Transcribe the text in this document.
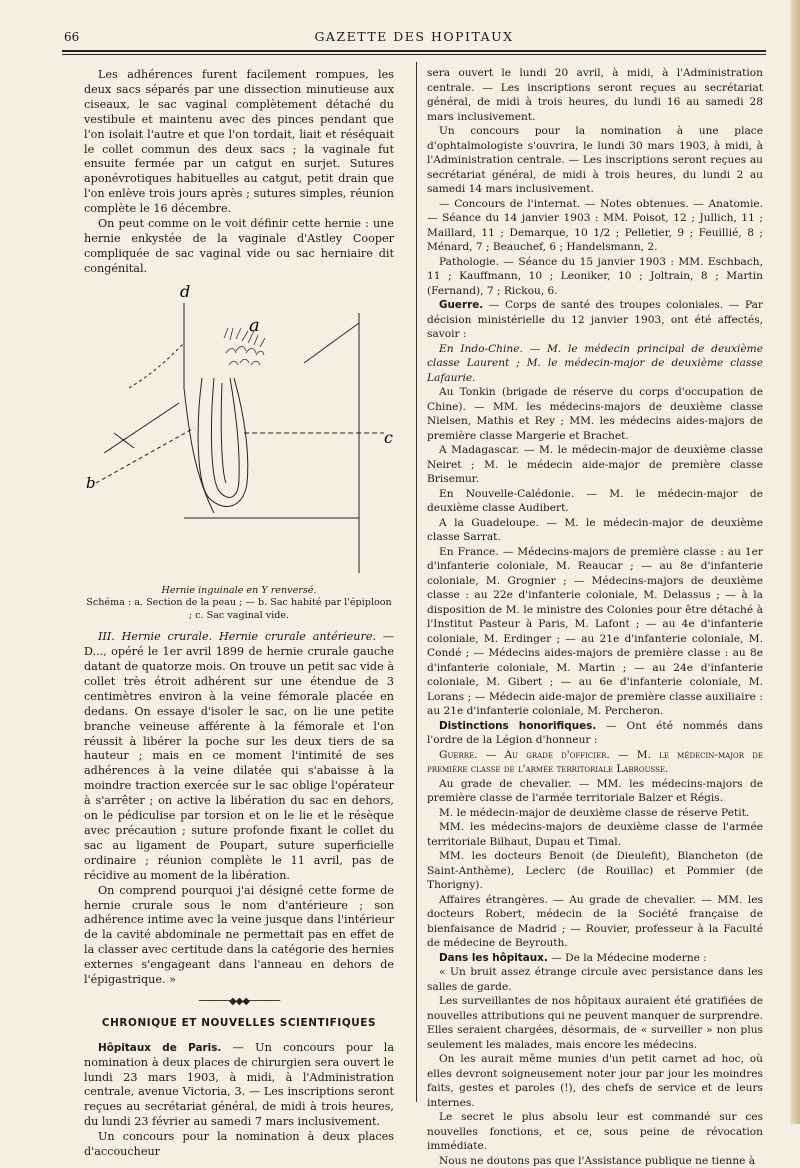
66	GAZETTE DES HOPITAUX

Les adhérences furent facilement rompues, les deux sacs séparés par une dissection minutieuse aux ciseaux, le sac vaginal complètement détaché du vestibule et maintenu avec des pinces pendant que l'on isolait l'autre et que l'on tordait, liait et réséquait le collet commun des deux sacs ; la vaginale fut ensuite fermée par un catgut en surjet. Sutures aponévrotiques habituelles au catgut, petit drain que l'on enlève trois jours après ; sutures simples, réunion complète le 16 décembre.

On peut comme on le voit définir cette hernie : une hernie enkystée de la vaginale d'Astley Cooper compliquée de sac vaginal vide ou sac herniaire dit congénital.

d
a
b
c
Hernie inguinale en Y renversé.
Schéma : a. Section de la peau ; — b. Sac habité par l'épiploon ; c. Sac vaginal vide.

III. Hernie crurale. Hernie crurale antérieure. — D..., opéré le 1er avril 1899 de hernie crurale gauche datant de quatorze mois. On trouve un petit sac vide à collet très étroit adhérent sur une étendue de 3 centimètres environ à la veine fémorale placée en dedans. On essaye d'isoler le sac, on lie une petite branche veineuse afférente à la fémorale et l'on réussit à libérer la poche sur les deux tiers de sa hauteur ; mais en ce moment l'intimité de ses adhérences à la veine dilatée qui s'abaisse à la moindre traction exercée sur le sac oblige l'opérateur à s'arrêter ; on active la libération du sac en dehors, on le pédiculise par torsion et on le lie et le résèque avec précaution ; suture profonde fixant le collet du sac au ligament de Poupart, suture superficielle ordinaire ; réunion complète le 11 avril, pas de récidive au moment de la libération.

On comprend pourquoi j'ai désigné cette forme de hernie crurale sous le nom d'antérieure ; son adhérence intime avec la veine jusque dans l'intérieur de la cavité abdominale ne permettait pas en effet de la classer avec certitude dans la catégorie des hernies externes s'engageant dans l'anneau en dehors de l'épigastrique. »

──────◆◆◆──────
CHRONIQUE ET NOUVELLES SCIENTIFIQUES

Hôpitaux de Paris. — Un concours pour la nomination à deux places de chirurgien sera ouvert le lundi 23 mars 1903, à midi, à l'Administration centrale, avenue Victoria, 3. — Les inscriptions seront reçues au secrétariat général, de midi à trois heures, du lundi 23 février au samedi 7 mars inclusivement.

Un concours pour la nomination à deux places d'accoucheur

sera ouvert le lundi 20 avril, à midi, à l'Administration centrale. — Les inscriptions seront reçues au secrétariat général, de midi à trois heures, du lundi 16 au samedi 28 mars inclusivement.

Un concours pour la nomination à une place d'ophtalmologiste s'ouvrira, le lundi 30 mars 1903, à midi, à l'Administration centrale. — Les inscriptions seront reçues au secrétariat général, de midi à trois heures, du lundi 2 au samedi 14 mars inclusivement.

— Concours de l'internat. — Notes obtenues. — Anatomie. — Séance du 14 janvier 1903 : MM. Poisot, 12 ; Jullich, 11 ; Maillard, 11 ; Demarque, 10 1/2 ; Pelletier, 9 ; Feuillié, 8 ; Ménard, 7 ; Beauchef, 6 ; Handelsmann, 2.

Pathologie. — Séance du 15 janvier 1903 : MM. Eschbach, 11 ; Kauffmann, 10 ; Leoniker, 10 ; Joltrain, 8 ; Martin (Fernand), 7 ; Rickou, 6.

Guerre. — Corps de santé des troupes coloniales. — Par décision ministérielle du 12 janvier 1903, ont été affectés, savoir :

En Indo-Chine. — M. le médecin principal de deuxième classe Laurent ; M. le médecin-major de deuxième classe Lafaurie.

Au Tonkin (brigade de réserve du corps d'occupation de Chine). — MM. les médecins-majors de deuxième classe Nielsen, Mathis et Rey ; MM. les médecins aides-majors de première classe Margerie et Brachet.

A Madagascar. — M. le médecin-major de deuxième classe Neiret ; M. le médecin aide-major de première classe Brisemur.

En Nouvelle-Calédonie. — M. le médecin-major de deuxième classe Audibert.

A la Guadeloupe. — M. le médecin-major de deuxième classe Sarrat.

En France. — Médecins-majors de première classe : au 1er d'infanterie coloniale, M. Reaucar ; — au 8e d'infanterie coloniale, M. Grognier ; — Médecins-majors de deuxième classe : au 22e d'infanterie coloniale, M. Delassus ; — à la disposition de M. le ministre des Colonies pour être détaché à l'Institut Pasteur à Paris, M. Lafont ; — au 4e d'infanterie coloniale, M. Erdinger ; — au 21e d'infanterie coloniale, M. Condé ; — Médecins aides-majors de première classe : au 8e d'infanterie coloniale, M. Martin ; — au 24e d'infanterie coloniale, M. Gibert ; — au 6e d'infanterie coloniale, M. Lorans ; — Médecin aide-major de première classe auxiliaire : au 21e d'infanterie coloniale, M. Percheron.

Distinctions honorifiques. — Ont été nommés dans l'ordre de la Légion d'honneur :

Guerre. — Au grade d'officier. — M. le médecin-major de première classe de l'armée territoriale Labrousse.

Au grade de chevalier. — MM. les médecins-majors de première classe de l'armée territoriale Balzer et Régis.

M. le médecin-major de deuxième classe de réserve Petit.

MM. les médecins-majors de deuxième classe de l'armée territoriale Bilhaut, Dupau et Timal.

MM. les docteurs Benoit (de Dieulefit), Blancheton (de Saint-Anthème), Leclerc (de Rouillac) et Pommier (de Thorigny).

Affaires étrangères. — Au grade de chevalier. — MM. les docteurs Robert, médecin de la Société française de bienfaisance de Madrid ; — Rouvier, professeur à la Faculté de médecine de Beyrouth.

Dans les hôpitaux. — De la Médecine moderne :

« Un bruit assez étrange circule avec persistance dans les salles de garde.

Les surveillantes de nos hôpitaux auraient été gratifiées de nouvelles attributions qui ne peuvent manquer de surprendre. Elles seraient chargées, désormais, de « surveiller » non plus seulement les malades, mais encore les médecins.

On les aurait même munies d'un petit carnet ad hoc, où elles devront soigneusement noter jour par jour les moindres faits, gestes et paroles (!), des chefs de service et de leurs internes.

Le secret le plus absolu leur est commandé sur ces nouvelles fonctions, et ce, sous peine de révocation immédiate.

Nous ne doutons pas que l'Assistance publique ne tienne à
